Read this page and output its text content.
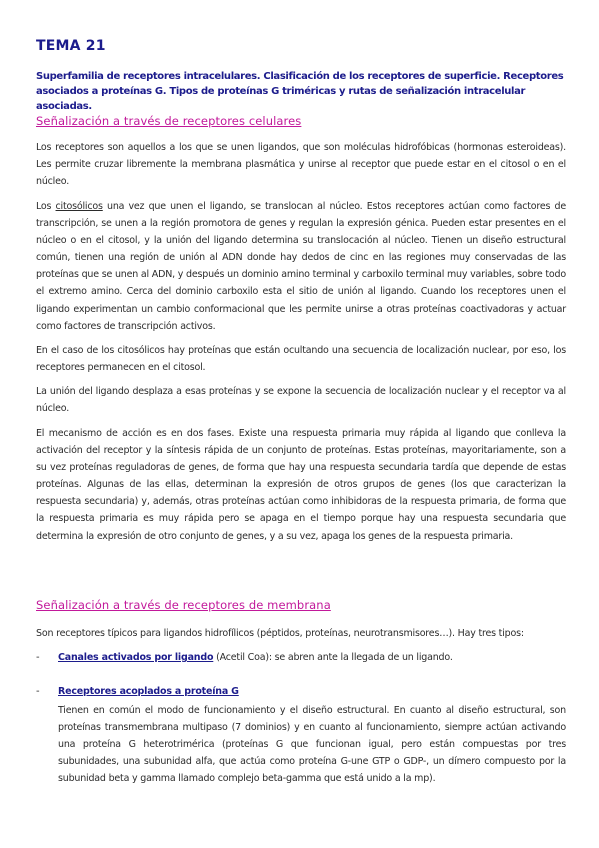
TEMA 21
Superfamilia de receptores intracelulares. Clasificación de los receptores de superficie. Receptores asociados a proteínas G. Tipos de proteínas G triméricas y rutas de señalización intracelular asociadas.
Señalización a través de receptores celulares
Los receptores son aquellos a los que se unen ligandos, que son moléculas hidrofóbicas (hormonas esteroideas). Les permite cruzar libremente la membrana plasmática y unirse al receptor que puede estar en el citosol o en el núcleo.
Los citosólicos una vez que unen el ligando, se translocan al núcleo. Estos receptores actúan como factores de transcripción, se unen a la región promotora de genes y regulan la expresión génica. Pueden estar presentes en el núcleo o en el citosol, y la unión del ligando determina su translocación al núcleo. Tienen un diseño estructural común, tienen una región de unión al ADN donde hay dedos de cinc en las regiones muy conservadas de las proteínas que se unen al ADN, y después un dominio amino terminal y carboxilo terminal muy variables, sobre todo el extremo amino. Cerca del dominio carboxilo esta el sitio de unión al ligando. Cuando los receptores unen el ligando experimentan un cambio conformacional que les permite unirse a otras proteínas coactivadoras y actuar como factores de transcripción activos.
En el caso de los citosólicos hay proteínas que están ocultando una secuencia de localización nuclear, por eso, los receptores permanecen en el citosol.
La unión del ligando desplaza a esas proteínas y se expone la secuencia de localización nuclear y el receptor va al núcleo.
El mecanismo de acción es en dos fases. Existe una respuesta primaria muy rápida al ligando que conlleva la activación del receptor y la síntesis rápida de un conjunto de proteínas. Estas proteínas, mayoritariamente, son a su vez proteínas reguladoras de genes, de forma que hay una respuesta secundaria tardía que depende de estas proteínas. Algunas de las ellas, determinan la expresión de otros grupos de genes (los que caracterizan la respuesta secundaria) y, además, otras proteínas actúan como inhibidoras de la respuesta primaria, de forma que la respuesta primaria es muy rápida pero se apaga en el tiempo porque hay una respuesta secundaria que determina la expresión de otro conjunto de genes, y a su vez, apaga los genes de la respuesta primaria.
Señalización a través de receptores de membrana
Son receptores típicos para ligandos hidrofílicos (péptidos, proteínas, neurotransmisores…). Hay tres tipos:
- Canales activados por ligando (Acetil Coa): se abren ante la llegada de un ligando.
- Receptores acoplados a proteína G
Tienen en común el modo de funcionamiento y el diseño estructural. En cuanto al diseño estructural, son proteínas transmembrana multipaso (7 dominios) y en cuanto al funcionamiento, siempre actúan activando una proteína G heterotrimérica (proteínas G que funcionan igual, pero están compuestas por tres subunidades, una subunidad alfa, que actúa como proteína G-une GTP o GDP-, un dímero compuesto por la subunidad beta y gamma llamado complejo beta-gamma que está unido a la mp).
